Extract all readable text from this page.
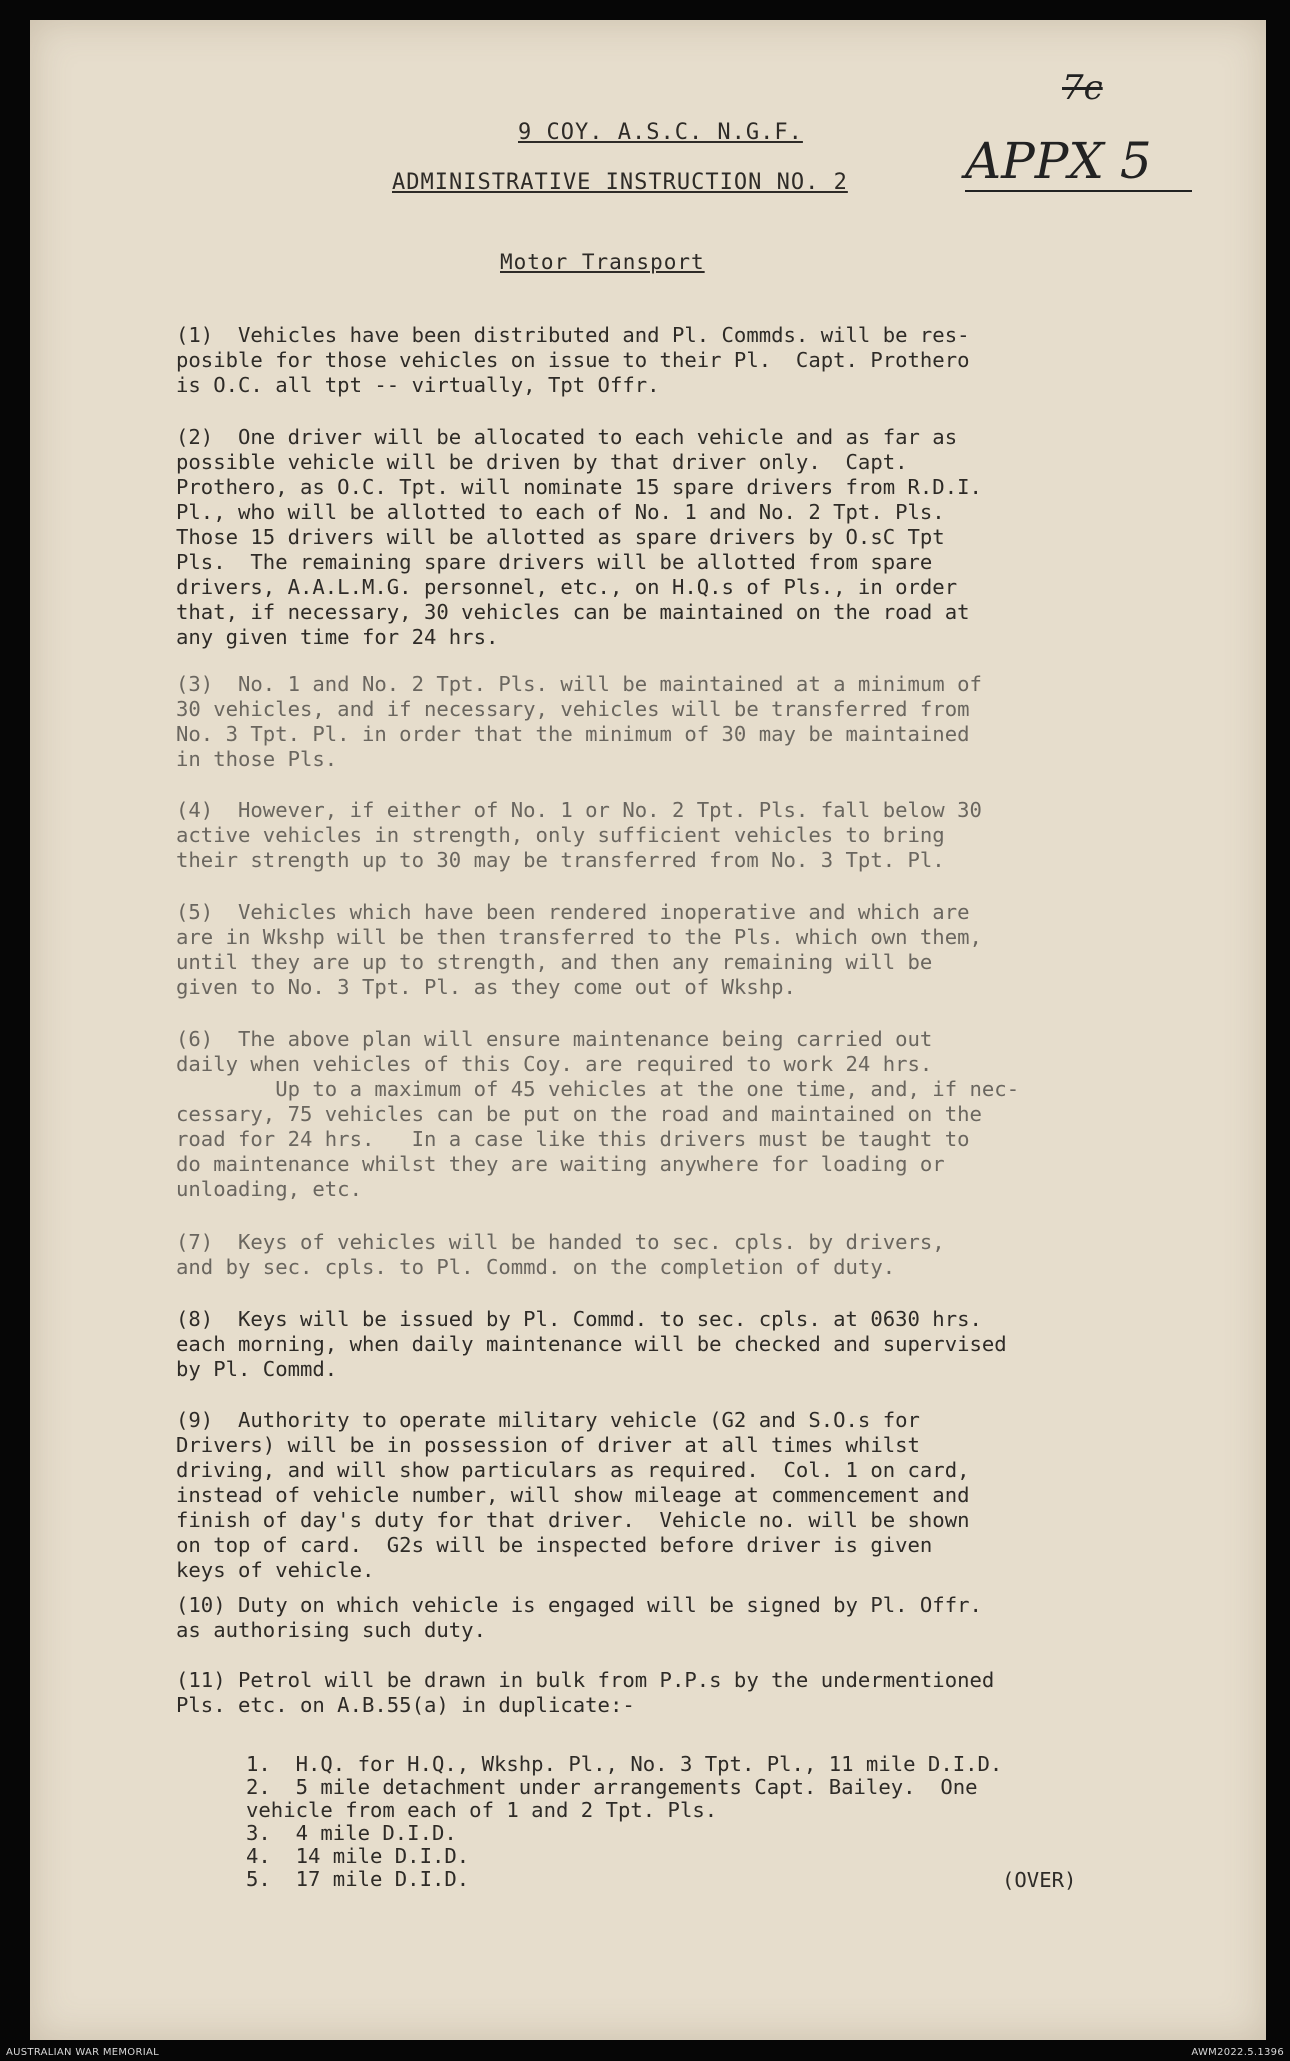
9 COY. A.S.C. N.G.F.
ADMINISTRATIVE INSTRUCTION NO. 2
Motor Transport
7c
APPX 5
(1)  Vehicles have been distributed and Pl. Commds. will be res-
posible for those vehicles on issue to their Pl.  Capt. Prothero
is O.C. all tpt -- virtually, Tpt Offr.
(2)  One driver will be allocated to each vehicle and as far as
possible vehicle will be driven by that driver only.  Capt.
Prothero, as O.C. Tpt. will nominate 15 spare drivers from R.D.I.
Pl., who will be allotted to each of No. 1 and No. 2 Tpt. Pls.
Those 15 drivers will be allotted as spare drivers by O.sC Tpt
Pls.  The remaining spare drivers will be allotted from spare
drivers, A.A.L.M.G. personnel, etc., on H.Q.s of Pls., in order
that, if necessary, 30 vehicles can be maintained on the road at
any given time for 24 hrs.
(3)  No. 1 and No. 2 Tpt. Pls. will be maintained at a minimum of
30 vehicles, and if necessary, vehicles will be transferred from
No. 3 Tpt. Pl. in order that the minimum of 30 may be maintained
in those Pls.
(4)  However, if either of No. 1 or No. 2 Tpt. Pls. fall below 30
active vehicles in strength, only sufficient vehicles to bring
their strength up to 30 may be transferred from No. 3 Tpt. Pl.
(5)  Vehicles which have been rendered inoperative and which are
are in Wkshp will be then transferred to the Pls. which own them,
until they are up to strength, and then any remaining will be
given to No. 3 Tpt. Pl. as they come out of Wkshp.
(6)  The above plan will ensure maintenance being carried out
daily when vehicles of this Coy. are required to work 24 hrs.
Up to a maximum of 45 vehicles at the one time, and, if nec-
cessary, 75 vehicles can be put on the road and maintained on the
road for 24 hrs.   In a case like this drivers must be taught to
do maintenance whilst they are waiting anywhere for loading or
unloading, etc.
(7)  Keys of vehicles will be handed to sec. cpls. by drivers,
and by sec. cpls. to Pl. Commd. on the completion of duty.
(8)  Keys will be issued by Pl. Commd. to sec. cpls. at 0630 hrs.
each morning, when daily maintenance will be checked and supervised
by Pl. Commd.
(9)  Authority to operate military vehicle (G2 and S.O.s for
Drivers) will be in possession of driver at all times whilst
driving, and will show particulars as required.  Col. 1 on card,
instead of vehicle number, will show mileage at commencement and
finish of day's duty for that driver.  Vehicle no. will be shown
on top of card.  G2s will be inspected before driver is given
keys of vehicle.
(10) Duty on which vehicle is engaged will be signed by Pl. Offr.
as authorising such duty.
(11) Petrol will be drawn in bulk from P.P.s by the undermentioned
Pls. etc. on A.B.55(a) in duplicate:-
1.  H.Q. for H.Q., Wkshp. Pl., No. 3 Tpt. Pl., 11 mile D.I.D.
2.  5 mile detachment under arrangements Capt. Bailey.  One
vehicle from each of 1 and 2 Tpt. Pls.
3.  4 mile D.I.D.
4.  14 mile D.I.D.
5.  17 mile D.I.D.	(OVER)
AUSTRALIAN WAR MEMORIAL	AWM2022.5.1396
